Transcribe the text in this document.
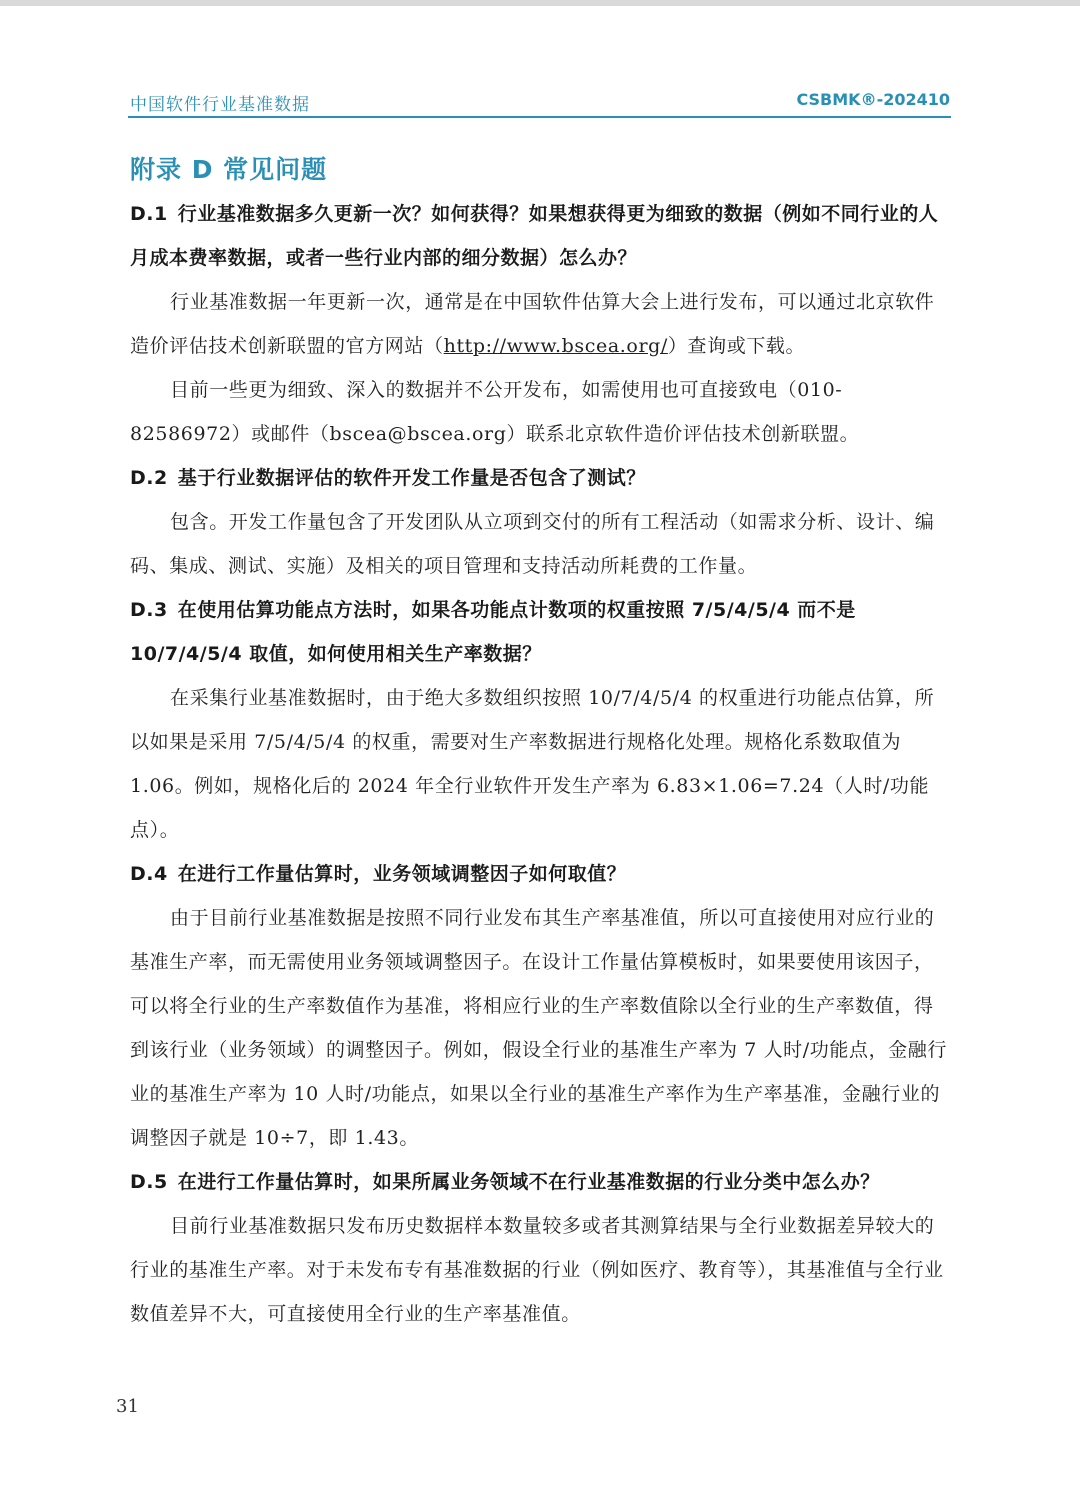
中国软件行业基准数据	CSBMK®-202410
附录 D 常见问题

D.1 行业基准数据多久更新一次？如何获得？如果想获得更为细致的数据（例如不同行业的人月成本费率数据，或者一些行业内部的细分数据）怎么办？

行业基准数据一年更新一次，通常是在中国软件估算大会上进行发布，可以通过北京软件造价评估技术创新联盟的官方网站（http://www.bscea.org/）查询或下载。

目前一些更为细致、深入的数据并不公开发布，如需使用也可直接致电（010-82586972）或邮件（bscea@bscea.org）联系北京软件造价评估技术创新联盟。

D.2 基于行业数据评估的软件开发工作量是否包含了测试？

包含。开发工作量包含了开发团队从立项到交付的所有工程活动（如需求分析、设计、编码、集成、测试、实施）及相关的项目管理和支持活动所耗费的工作量。

D.3 在使用估算功能点方法时，如果各功能点计数项的权重按照 7/5/4/5/4 而不是 10/7/4/5/4 取值，如何使用相关生产率数据？

在采集行业基准数据时，由于绝大多数组织按照 10/7/4/5/4 的权重进行功能点估算，所以如果是采用 7/5/4/5/4 的权重，需要对生产率数据进行规格化处理。规格化系数取值为 1.06。例如，规格化后的 2024 年全行业软件开发生产率为 6.83×1.06=7.24（人时/功能点）。

D.4 在进行工作量估算时，业务领域调整因子如何取值？

由于目前行业基准数据是按照不同行业发布其生产率基准值，所以可直接使用对应行业的基准生产率，而无需使用业务领域调整因子。在设计工作量估算模板时，如果要使用该因子，可以将全行业的生产率数值作为基准，将相应行业的生产率数值除以全行业的生产率数值，得到该行业（业务领域）的调整因子。例如，假设全行业的基准生产率为 7 人时/功能点，金融行业的基准生产率为 10 人时/功能点，如果以全行业的基准生产率作为生产率基准，金融行业的调整因子就是 10÷7，即 1.43。

D.5 在进行工作量估算时，如果所属业务领域不在行业基准数据的行业分类中怎么办？

目前行业基准数据只发布历史数据样本数量较多或者其测算结果与全行业数据差异较大的行业的基准生产率。对于未发布专有基准数据的行业（例如医疗、教育等），其基准值与全行业数值差异不大，可直接使用全行业的生产率基准值。

31
